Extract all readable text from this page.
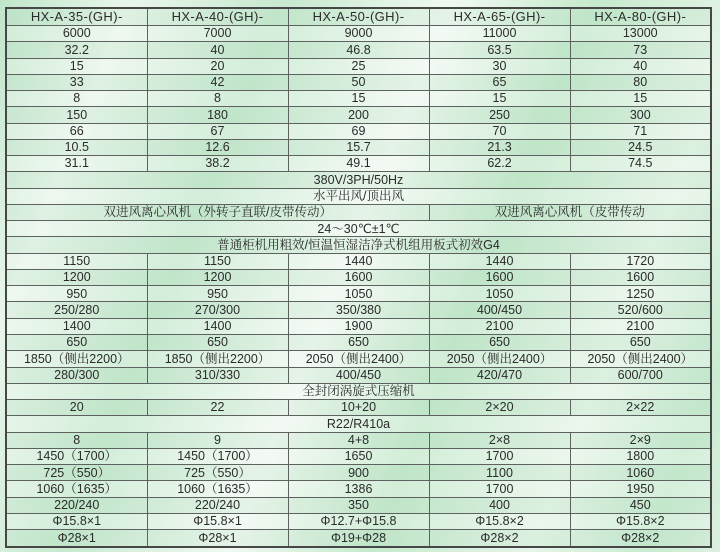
HX-A-35-(GH)-	HX-A-40-(GH)-	HX-A-50-(GH)-	HX-A-65-(GH)-	HX-A-80-(GH)-
6000	7000	9000	11000	13000
32.2	40	46.8	63.5	73
15	20	25	30	40
33	42	50	65	80
8	8	15	15	15
150	180	200	250	300
66	67	69	70	71
10.5	12.6	15.7	21.3	24.5
31.1	38.2	49.1	62.2	74.5
380V/3PH/50Hz				
水平出风/顶出风				
双进风离心风机（外转子直联/皮带传动）			双进风离心风机（皮带传动	
24～30℃±1℃				
普通柜机用粗效/恒温恒湿洁净式机组用板式初效G4				
1150	1150	1440	1440	1720
1200	1200	1600	1600	1600
950	950	1050	1050	1250
250/280	270/300	350/380	400/450	520/600
1400	1400	1900	2100	2100
650	650	650	650	650
1850（侧出2200）	1850（侧出2200）	2050（侧出2400）	2050（侧出2400）	2050（侧出2400）
280/300	310/330	400/450	420/470	600/700
全封闭涡旋式压缩机				
20	22	10+20	2×20	2×22
R22/R410a				
8	9	4+8	2×8	2×9
1450（1700）	1450（1700）	1650	1700	1800
725（550）	725（550）	900	1100	1060
1060（1635）	1060（1635）	1386	1700	1950
220/240	220/240	350	400	450
Φ15.8×1	Φ15.8×1	Φ12.7+Φ15.8	Φ15.8×2	Φ15.8×2
Φ28×1	Φ28×1	Φ19+Φ28	Φ28×2	Φ28×2
